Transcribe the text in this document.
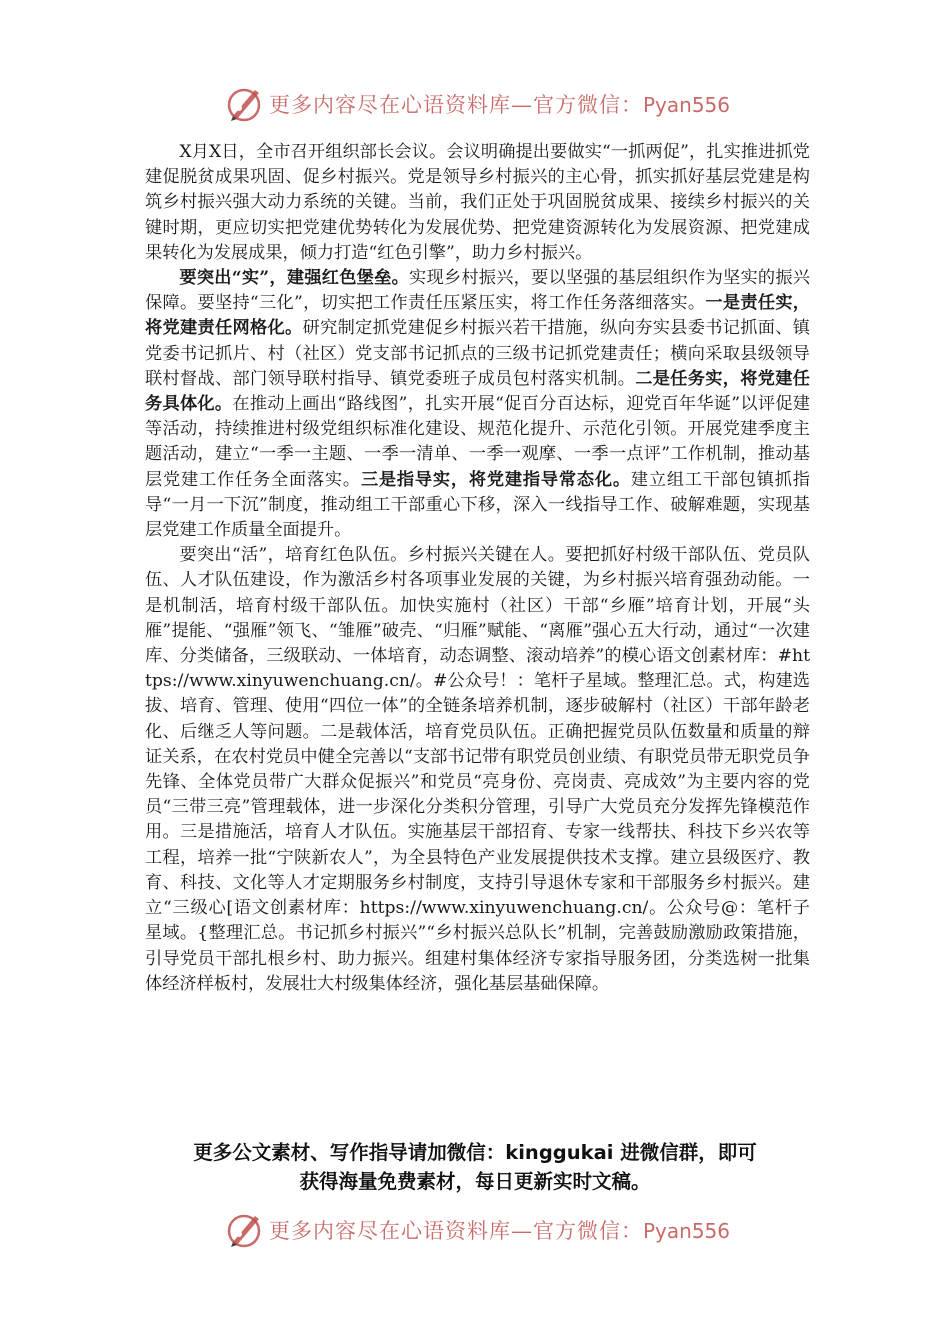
更多内容尽在心语资料库—官方微信：Pyan556

X月X日，全市召开组织部长会议。会议明确提出要做实“一抓两促”，扎实推进抓党建促脱贫成果巩固、促乡村振兴。党是领导乡村振兴的主心骨，抓实抓好基层党建是构筑乡村振兴强大动力系统的关键。当前，我们正处于巩固脱贫成果、接续乡村振兴的关键时期，更应切实把党建优势转化为发展优势、把党建资源转化为发展资源、把党建成果转化为发展成果，倾力打造“红色引擎”，助力乡村振兴。

要突出“实”，建强红色堡垒。实现乡村振兴，要以坚强的基层组织作为坚实的振兴保障。要坚持“三化”，切实把工作责任压紧压实，将工作任务落细落实。一是责任实，将党建责任网格化。研究制定抓党建促乡村振兴若干措施，纵向夯实县委书记抓面、镇党委书记抓片、村（社区）党支部书记抓点的三级书记抓党建责任；横向采取县级领导联村督战、部门领导联村指导、镇党委班子成员包村落实机制。二是任务实，将党建任务具体化。在推动上画出“路线图”，扎实开展“促百分百达标，迎党百年华诞”以评促建等活动，持续推进村级党组织标准化建设、规范化提升、示范化引领。开展党建季度主题活动，建立“一季一主题、一季一清单、一季一观摩、一季一点评”工作机制，推动基层党建工作任务全面落实。三是指导实，将党建指导常态化。建立组工干部包镇抓指导“一月一下沉”制度，推动组工干部重心下移，深入一线指导工作、破解难题，实现基层党建工作质量全面提升。

要突出“活”，培育红色队伍。乡村振兴关键在人。要把抓好村级干部队伍、党员队伍、人才队伍建设，作为激活乡村各项事业发展的关键，为乡村振兴培育强劲动能。一是机制活，培育村级干部队伍。加快实施村（社区）干部“乡雁”培育计划，开展“头雁”提能、“强雁”领飞、“雏雁”破壳、“归雁”赋能、“离雁”强心五大行动，通过“一次建库、分类储备，三级联动、一体培育，动态调整、滚动培养”的模心语文创素材库：#https://www.xinyuwenchuang.cn/。#公众号！：笔杆子星域。整理汇总。式，构建选拔、培育、管理、使用“四位一体”的全链条培养机制，逐步破解村（社区）干部年龄老化、后继乏人等问题。二是载体活，培育党员队伍。正确把握党员队伍数量和质量的辩证关系，在农村党员中健全完善以“支部书记带有职党员创业绩、有职党员带无职党员争先锋、全体党员带广大群众促振兴”和党员“亮身份、亮岗责、亮成效”为主要内容的党员“三带三亮”管理载体，进一步深化分类积分管理，引导广大党员充分发挥先锋模范作用。三是措施活，培育人才队伍。实施基层干部招育、专家一线帮扶、科技下乡兴农等工程，培养一批“宁陕新农人”，为全县特色产业发展提供技术支撑。建立县级医疗、教育、科技、文化等人才定期服务乡村制度，支持引导退休专家和干部服务乡村振兴。建立“三级心[语文创素材库：https://www.xinyuwenchuang.cn/。公众号@：笔杆子星域。{整理汇总。书记抓乡村振兴”“乡村振兴总队长”机制，完善鼓励激励政策措施，引导党员干部扎根乡村、助力振兴。组建村集体经济专家指导服务团，分类选树一批集体经济样板村，发展壮大村级集体经济，强化基层基础保障。

更多公文素材、写作指导请加微信：kinggukai 进微信群，即可
获得海量免费素材，每日更新实时文稿。
更多内容尽在心语资料库—官方微信：Pyan556
